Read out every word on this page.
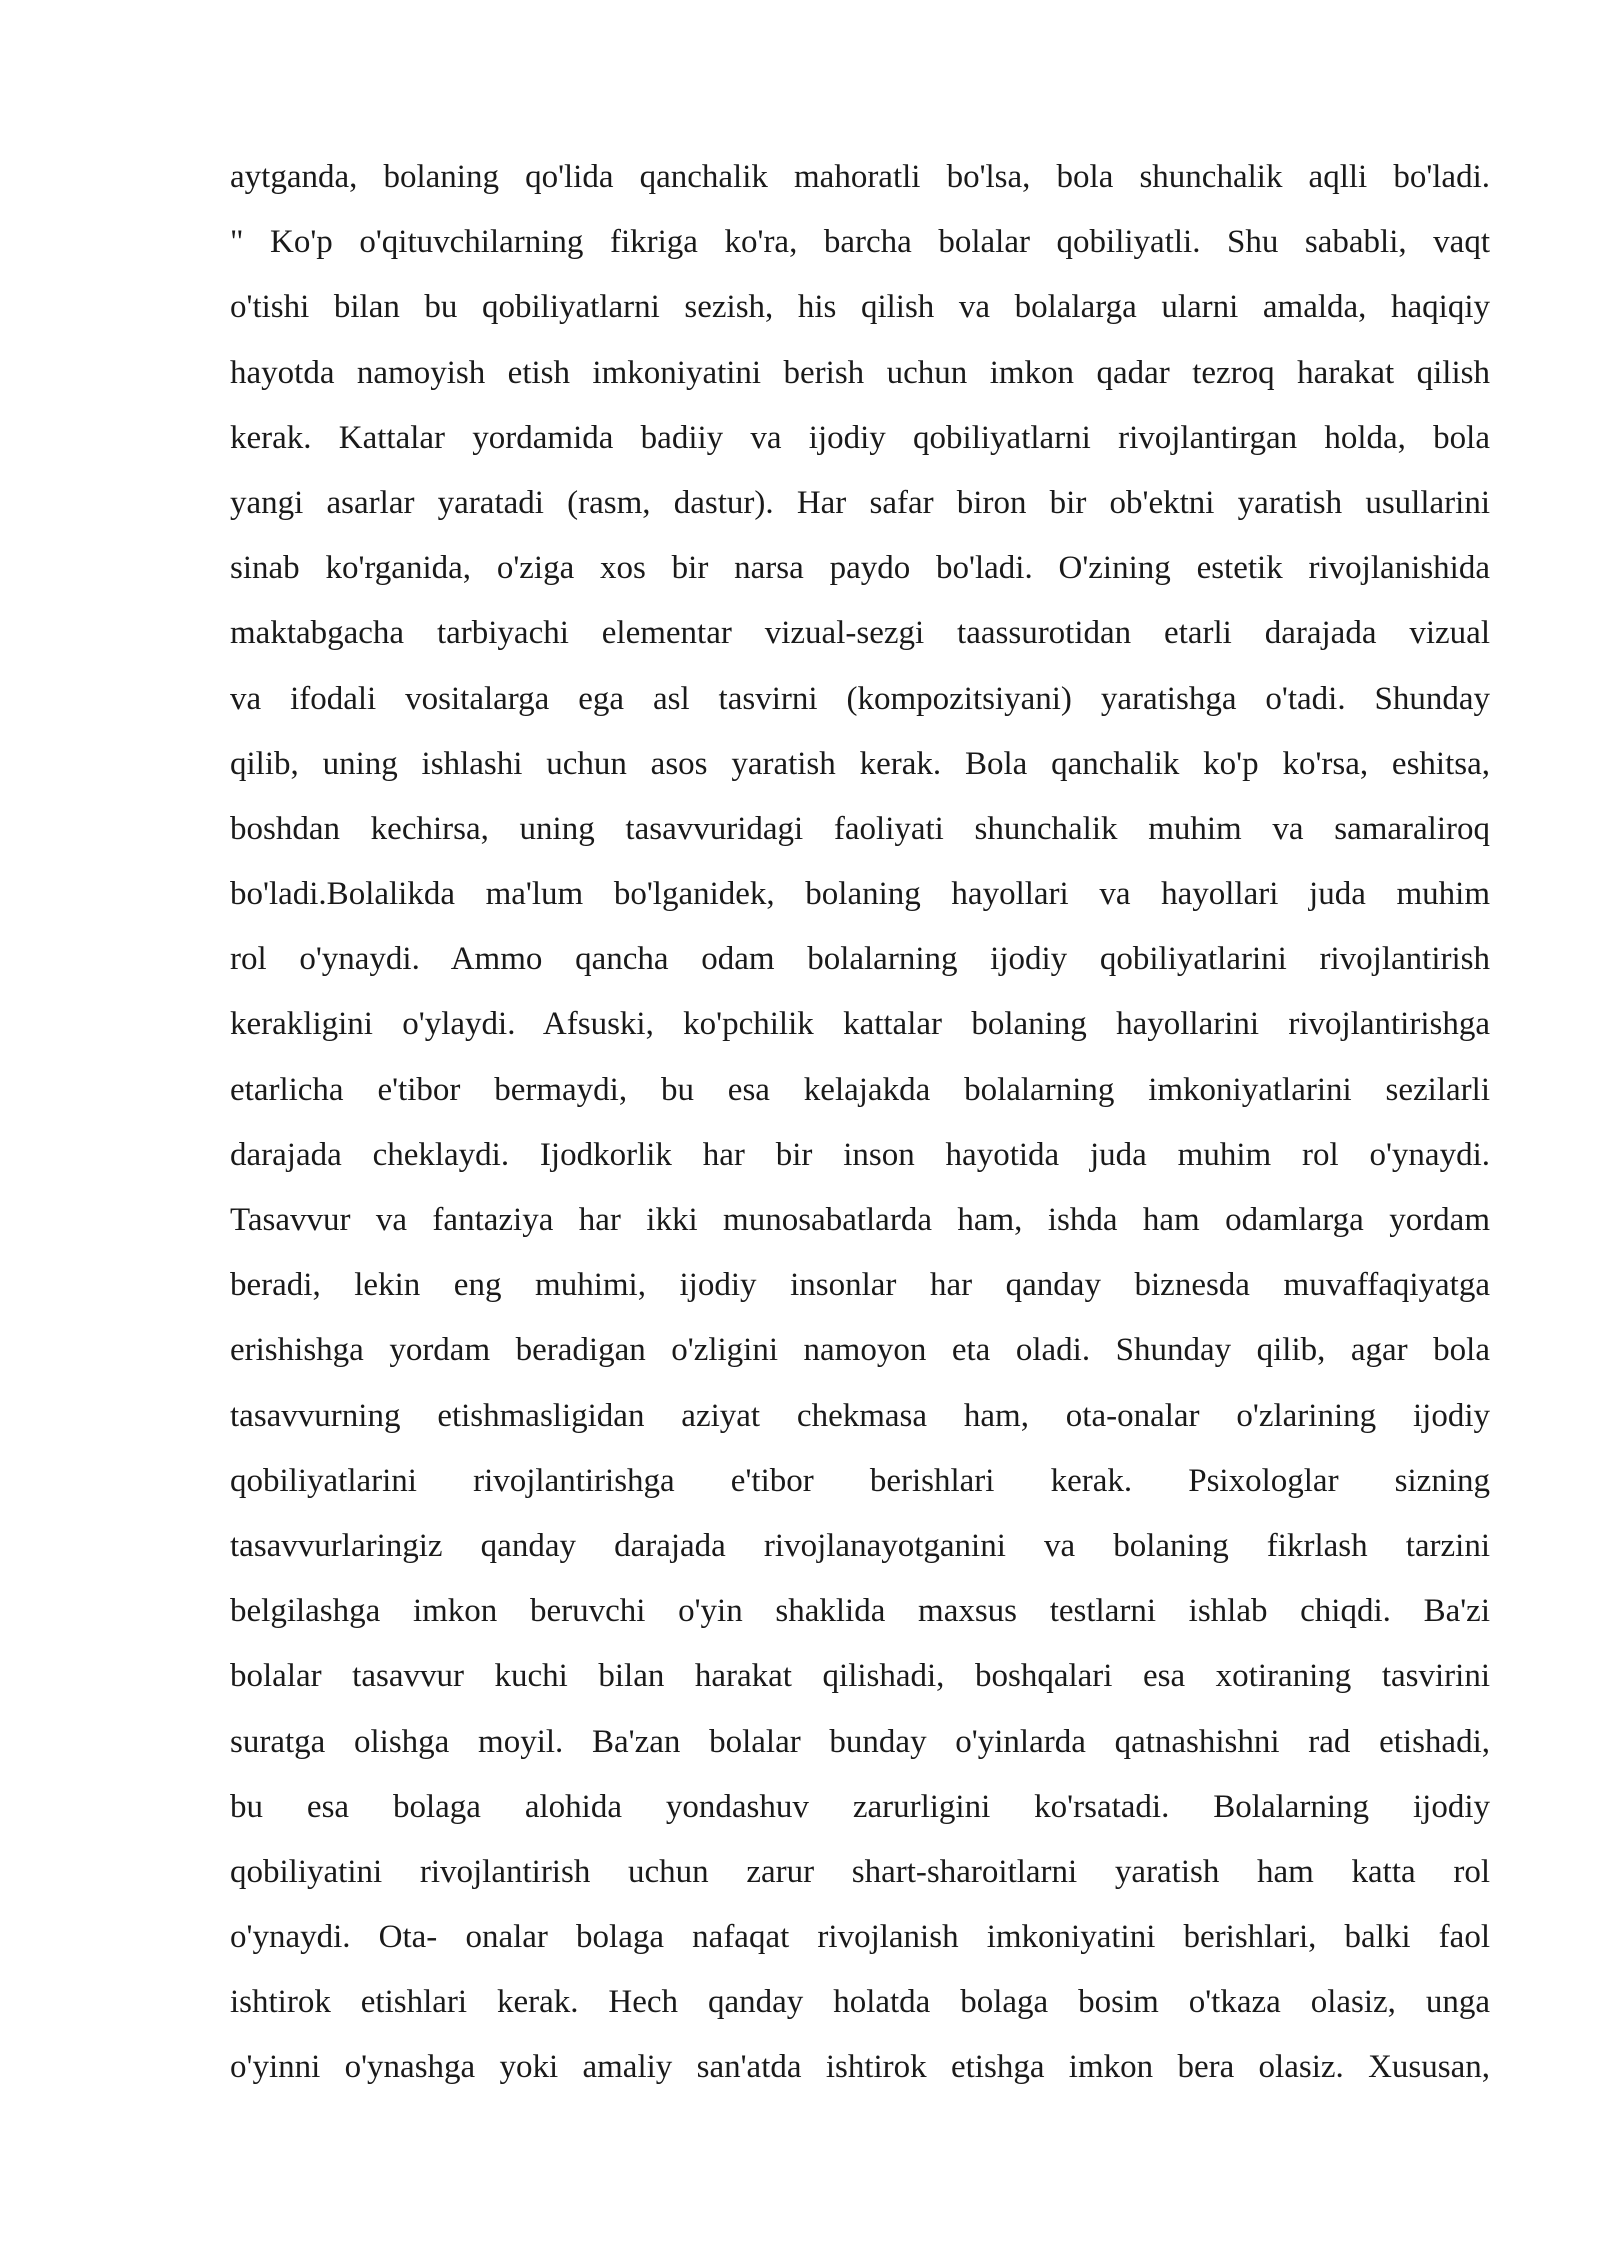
aytganda, bolaning qo'lida qanchalik mahoratli bo'lsa, bola shunchalik aqlli bo'ladi.
" Ko'p o'qituvchilarning fikriga ko'ra, barcha bolalar qobiliyatli. Shu sababli, vaqt
o'tishi bilan bu qobiliyatlarni sezish, his qilish va bolalarga ularni amalda, haqiqiy
hayotda namoyish etish imkoniyatini berish uchun imkon qadar tezroq harakat qilish
kerak. Kattalar yordamida badiiy va ijodiy qobiliyatlarni rivojlantirgan holda, bola
yangi asarlar yaratadi (rasm, dastur). Har safar biron bir ob'ektni yaratish usullarini
sinab ko'rganida, o'ziga xos bir narsa paydo bo'ladi. O'zining estetik rivojlanishida
maktabgacha tarbiyachi elementar vizual-sezgi taassurotidan etarli darajada vizual
va ifodali vositalarga ega asl tasvirni (kompozitsiyani) yaratishga o'tadi. Shunday
qilib, uning ishlashi uchun asos yaratish kerak. Bola qanchalik ko'p ko'rsa, eshitsa,
boshdan kechirsa, uning tasavvuridagi faoliyati shunchalik muhim va samaraliroq
bo'ladi.Bolalikda ma'lum bo'lganidek, bolaning hayollari va hayollari juda muhim
rol o'ynaydi. Ammo qancha odam bolalarning ijodiy qobiliyatlarini rivojlantirish
kerakligini o'ylaydi. Afsuski, ko'pchilik kattalar bolaning hayollarini rivojlantirishga
etarlicha e'tibor bermaydi, bu esa kelajakda bolalarning imkoniyatlarini sezilarli
darajada cheklaydi. Ijodkorlik har bir inson hayotida juda muhim rol o'ynaydi.
Tasavvur va fantaziya har ikki munosabatlarda ham, ishda ham odamlarga yordam
beradi, lekin eng muhimi, ijodiy insonlar har qanday biznesda muvaffaqiyatga
erishishga yordam beradigan o'zligini namoyon eta oladi. Shunday qilib, agar bola
tasavvurning etishmasligidan aziyat chekmasa ham, ota-onalar o'zlarining ijodiy
qobiliyatlarini rivojlantirishga e'tibor berishlari kerak. Psixologlar sizning
tasavvurlaringiz qanday darajada rivojlanayotganini va bolaning fikrlash tarzini
belgilashga imkon beruvchi o'yin shaklida maxsus testlarni ishlab chiqdi. Ba'zi
bolalar tasavvur kuchi bilan harakat qilishadi, boshqalari esa xotiraning tasvirini
suratga olishga moyil. Ba'zan bolalar bunday o'yinlarda qatnashishni rad etishadi,
bu esa bolaga alohida yondashuv zarurligini ko'rsatadi. Bolalarning ijodiy
qobiliyatini rivojlantirish uchun zarur shart-sharoitlarni yaratish ham katta rol
o'ynaydi. Ota- onalar bolaga nafaqat rivojlanish imkoniyatini berishlari, balki faol
ishtirok etishlari kerak. Hech qanday holatda bolaga bosim o'tkaza olasiz, unga
o'yinni o'ynashga yoki amaliy san'atda ishtirok etishga imkon bera olasiz. Xususan,
